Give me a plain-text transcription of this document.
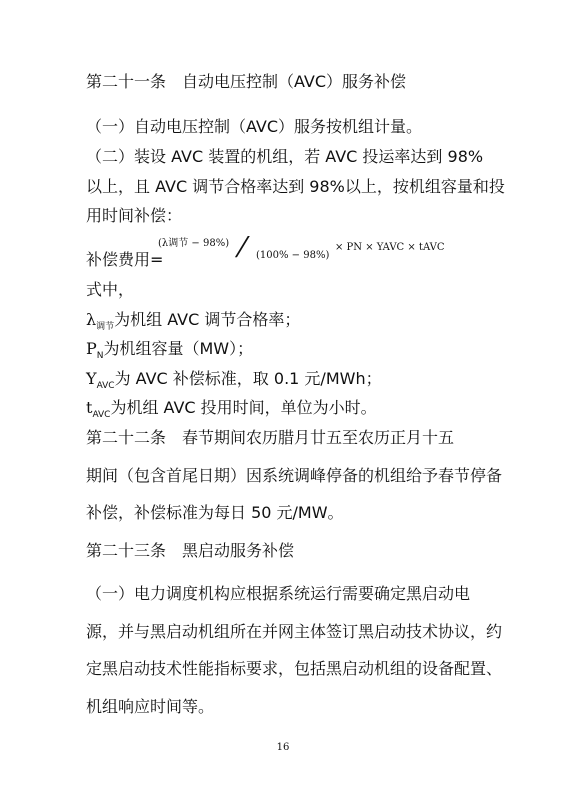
第二十一条　自动电压控制（AVC）服务补偿
（一）自动电压控制（AVC）服务按机组计量。
（二）装设 AVC 装置的机组，若 AVC 投运率达到 98%
以上，且 AVC 调节合格率达到 98%以上，按机组容量和投
用时间补偿：
补偿费用=
(λ调节 − 98%) ⁄ (100% − 98%)
× PN × YAVC × tAVC
式中，
$\lambda_{调节}$为机组 AVC 调节合格率；
$P_N$为机组容量（MW）；
$Y_{AVC}$为 AVC 补偿标准，取 0.1 元/MWh；
$t_{AVC}$为机组 AVC 投用时间，单位为小时。
第二十二条　春节期间农历腊月廿五至农历正月十五
期间（包含首尾日期）因系统调峰停备的机组给予春节停备
补偿，补偿标准为每日 50 元/MW。
第二十三条　黑启动服务补偿
（一）电力调度机构应根据系统运行需要确定黑启动电
源，并与黑启动机组所在并网主体签订黑启动技术协议，约
定黑启动技术性能指标要求，包括黑启动机组的设备配置、
机组响应时间等。
16
